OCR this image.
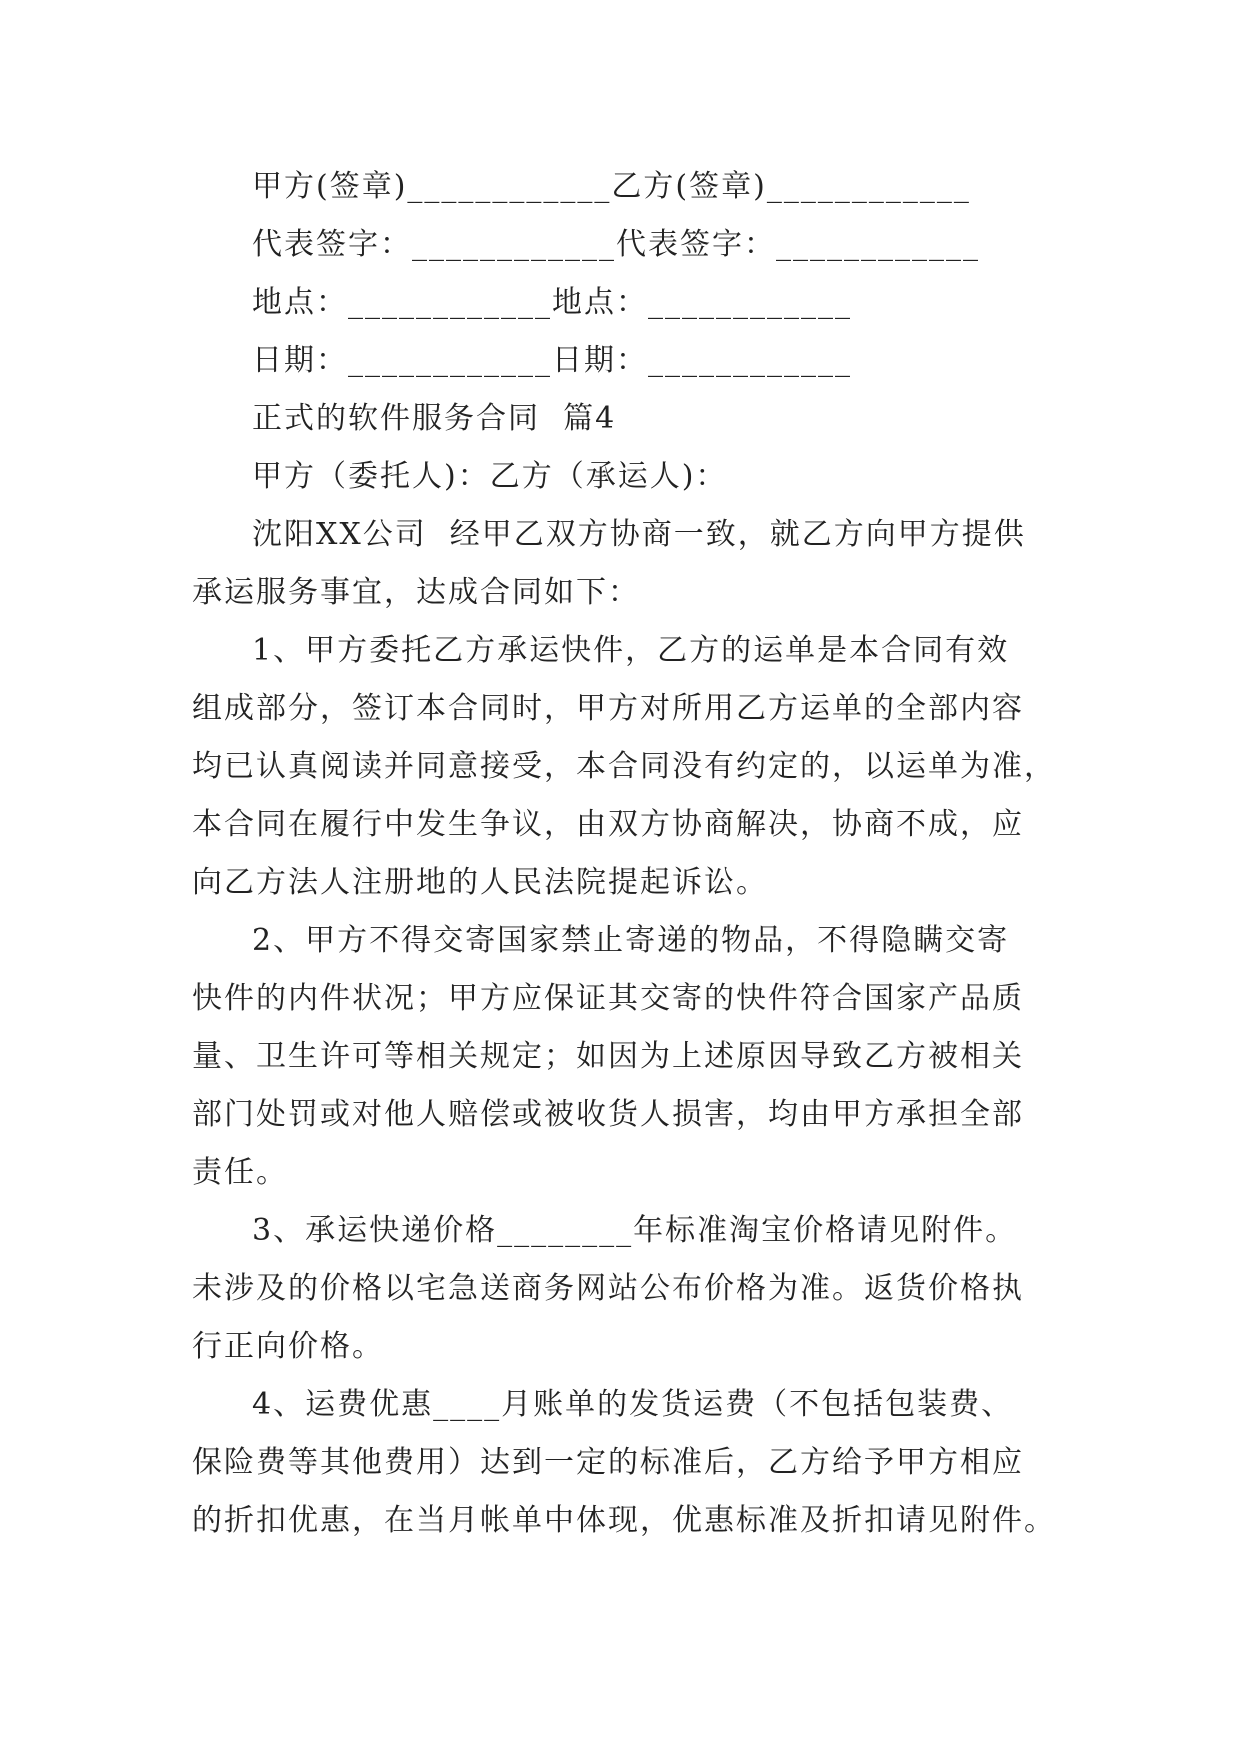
甲方(签章)____________乙方(签章)____________
代表签字：____________代表签字：____________
地点：____________地点：____________
日期：____________日期：____________
正式的软件服务合同  篇4
甲方（委托人)：乙方（承运人)：
沈阳XX公司  经甲乙双方协商一致，就乙方向甲方提供
承运服务事宜，达成合同如下：
1、甲方委托乙方承运快件，乙方的运单是本合同有效
组成部分，签订本合同时，甲方对所用乙方运单的全部内容
均已认真阅读并同意接受，本合同没有约定的，以运单为准，
本合同在履行中发生争议，由双方协商解决，协商不成，应
向乙方法人注册地的人民法院提起诉讼。
2、甲方不得交寄国家禁止寄递的物品，不得隐瞒交寄
快件的内件状况；甲方应保证其交寄的快件符合国家产品质
量、卫生许可等相关规定；如因为上述原因导致乙方被相关
部门处罚或对他人赔偿或被收货人损害，均由甲方承担全部
责任。
3、承运快递价格________年标准淘宝价格请见附件。
未涉及的价格以宅急送商务网站公布价格为准。返货价格执
行正向价格。
4、运费优惠____月账单的发货运费（不包括包装费、
保险费等其他费用）达到一定的标准后，乙方给予甲方相应
的折扣优惠，在当月帐单中体现，优惠标准及折扣请见附件。
